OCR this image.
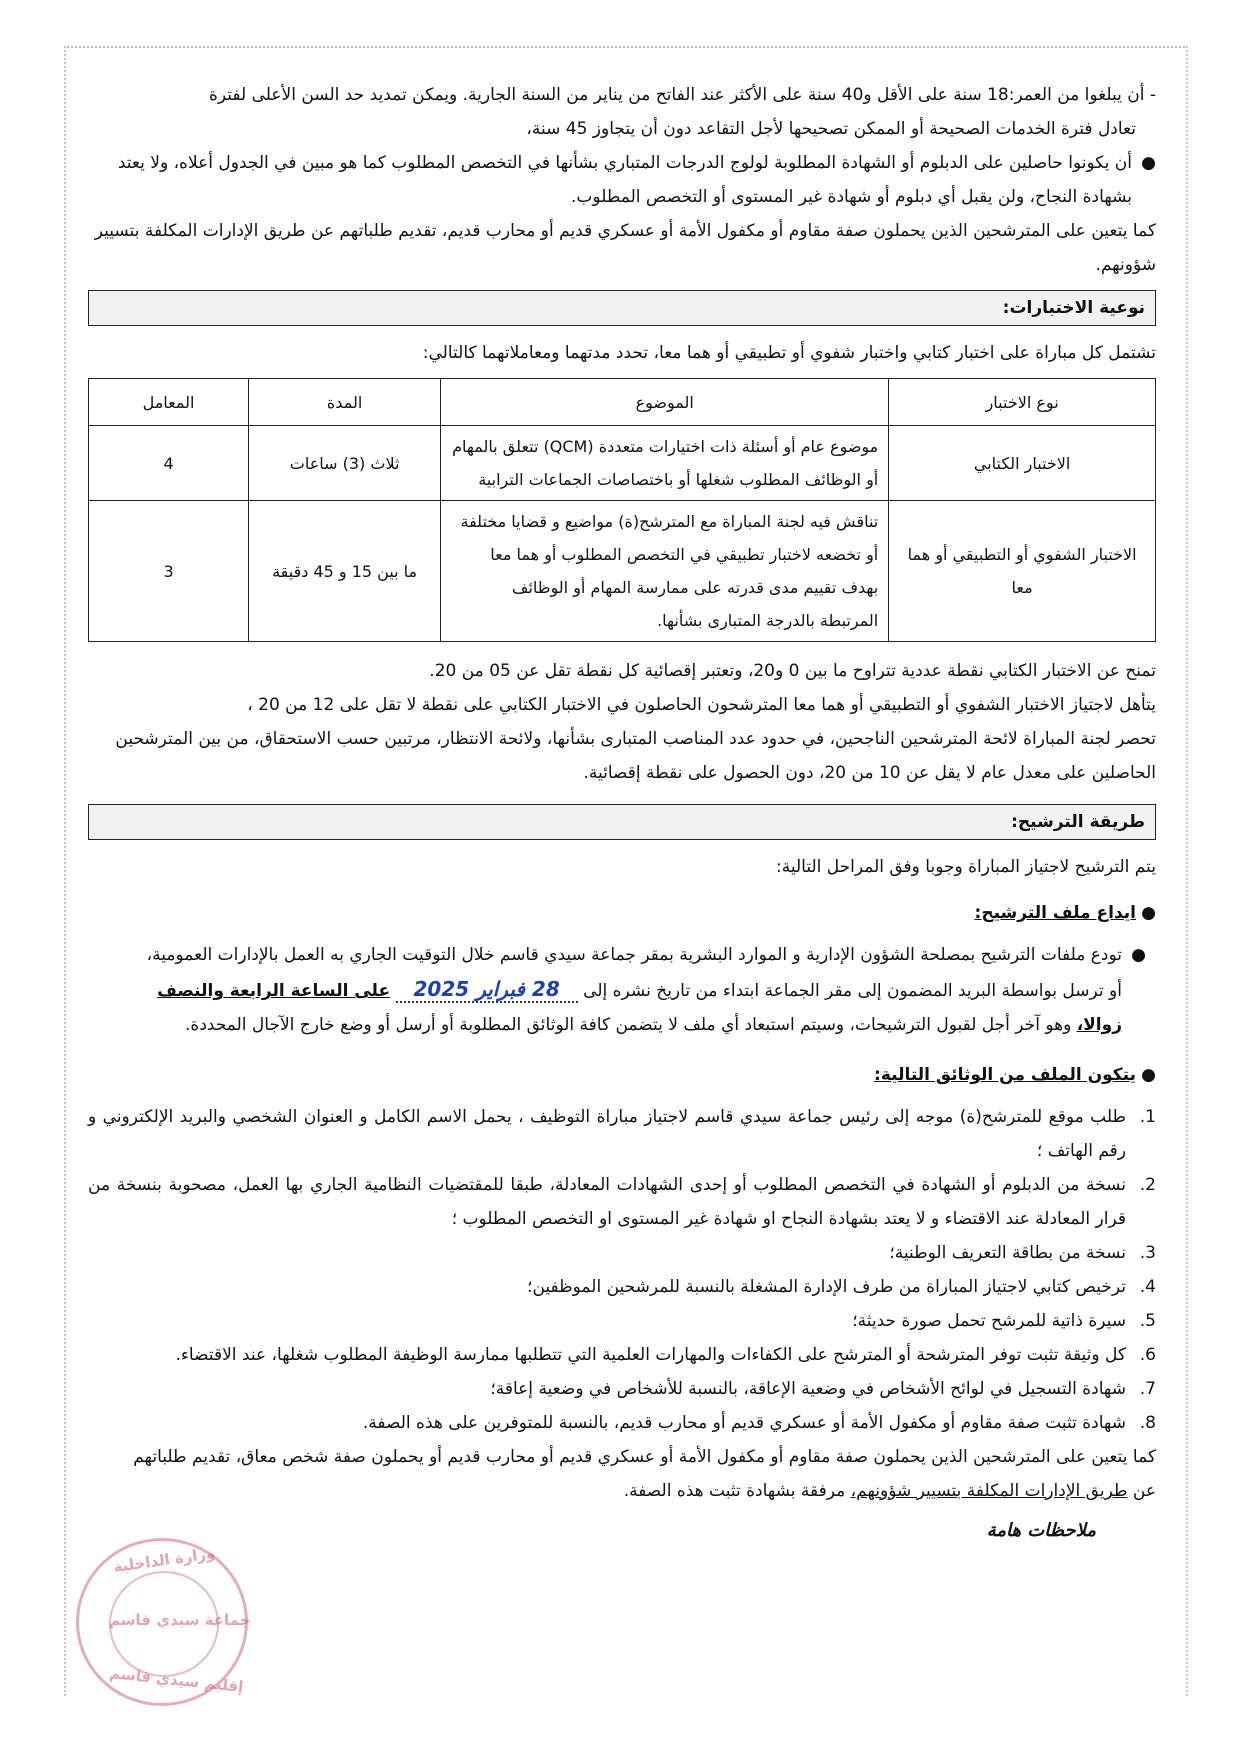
- أن يبلغوا من العمر:18 سنة على الأقل و40 سنة على الأكثر عند الفاتح من يناير من السنة الجارية. ويمكن تمديد حد السن الأعلى لفترة

تعادل فترة الخدمات الصحيحة أو الممكن تصحيحها لأجل التقاعد دون أن يتجاوز 45 سنة،

●

أن يكونوا حاصلين على الدبلوم أو الشهادة المطلوبة لولوج الدرجات المتباري بشأنها في التخصص المطلوب كما هو مبين في الجدول أعلاه، ولا يعتد

بشهادة النجاح، ولن يقبل أي دبلوم أو شهادة غير المستوى أو التخصص المطلوب.

كما يتعين على المترشحين الذين يحملون صفة مقاوم أو مكفول الأمة أو عسكري قديم أو محارب قديم، تقديم طلباتهم عن طريق الإدارات المكلفة بتسيير

شؤونهم.

نوعية الاختبارات:

تشتمل كل مباراة على اختبار كتابي واختبار شفوي أو تطبيقي أو هما معا، تحدد مدتهما ومعاملاتهما كالتالي:

نوع الاختبار	الموضوع	المدة	المعامل
الاختبار الكتابي	موضوع عام أو أسئلة ذات اختيارات متعددة (QCM) تتعلق بالمهام أو الوظائف المطلوب شغلها أو باختصاصات الجماعات الترابية	ثلاث (3) ساعات	4
الاختبار الشفوي أو التطبيقي أو هما معا	تناقش فيه لجنة المباراة مع المترشح(ة) مواضيع و قضايا مختلفة أو تخضعه لاختبار تطبيقي في التخصص المطلوب أو هما معا بهدف تقييم مدى قدرته على ممارسة المهام أو الوظائف المرتبطة بالدرجة المتبارى بشأنها.	ما بين 15 و 45 دقيقة	3

تمنح عن الاختبار الكتابي نقطة عددية تتراوح ما بين 0 و20، وتعتبر إقصائية كل نقطة تقل عن 05 من 20.

يتأهل لاجتياز الاختبار الشفوي أو التطبيقي أو هما معا المترشحون الحاصلون في الاختبار الكتابي على نقطة لا تقل على 12 من 20 ،

تحصر لجنة المباراة لائحة المترشحين الناجحين، في حدود عدد المناصب المتبارى بشأنها، ولائحة الانتظار، مرتبين حسب الاستحقاق، من بين المترشحين

الحاصلين على معدل عام لا يقل عن 10 من 20، دون الحصول على نقطة إقصائية.

طريقة الترشيح:

يتم الترشيح لاجتياز المباراة وجوبا وفق المراحل التالية:

●
ايداع ملف الترشيح:
●

تودع ملفات الترشيح بمصلحة الشؤون الإدارية و الموارد البشرية بمقر جماعة سيدي قاسم خلال التوقيت الجاري به العمل بالإدارات العمومية،

أو ترسل بواسطة البريد المضمون إلى مقر الجماعة ابتداء من تاريخ نشره إلى 28 فبراير 2025 على الساعة الرابعة والنصف

زوالا، وهو آخر أجل لقبول الترشيحات، وسيتم استبعاد أي ملف لا يتضمن كافة الوثائق المطلوبة أو أرسل أو وضع خارج الآجال المحددة.

●
يتكون الملف من الوثائق التالية:
1.
طلب موقع للمترشح(ة) موجه إلى رئيس جماعة سيدي قاسم لاجتياز مباراة التوظيف ، يحمل الاسم الكامل و العنوان الشخصي والبريد الإلكتروني و رقم الهاتف ؛
2.
نسخة من الدبلوم أو الشهادة في التخصص المطلوب أو إحدى الشهادات المعادلة، طبقا للمقتضيات النظامية الجاري بها العمل، مصحوبة بنسخة من قرار المعادلة عند الاقتضاء و لا يعتد بشهادة النجاح او شهادة غير المستوى او التخصص المطلوب ؛
3.
نسخة من بطاقة التعريف الوطنية؛
4.
ترخيص كتابي لاجتياز المباراة من طرف الإدارة المشغلة بالنسبة للمرشحين الموظفين؛
5.
سيرة ذاتية للمرشح تحمل صورة حديثة؛
6.
كل وثيقة تثبت توفر المترشحة أو المترشح على الكفاءات والمهارات العلمية التي تتطلبها ممارسة الوظيفة المطلوب شغلها، عند الاقتضاء.
7.
شهادة التسجيل في لوائح الأشخاص في وضعية الإعاقة، بالنسبة للأشخاص في وضعية إعاقة؛
8.
شهادة تثبت صفة مقاوم أو مكفول الأمة أو عسكري قديم أو محارب قديم، بالنسبة للمتوفرين على هذه الصفة.

كما يتعين على المترشحين الذين يحملون صفة مقاوم أو مكفول الأمة أو عسكري قديم أو محارب قديم أو يحملون صفة شخص معاق، تقديم طلباتهم

عن طريق الإدارات المكلفة بتسيير شؤونهم، مرفقة بشهادة تثبت هذه الصفة.

ملاحظات هامة

وزارة الداخلية
جماعة سيدي قاسم
إقليم سيدي قاسم
